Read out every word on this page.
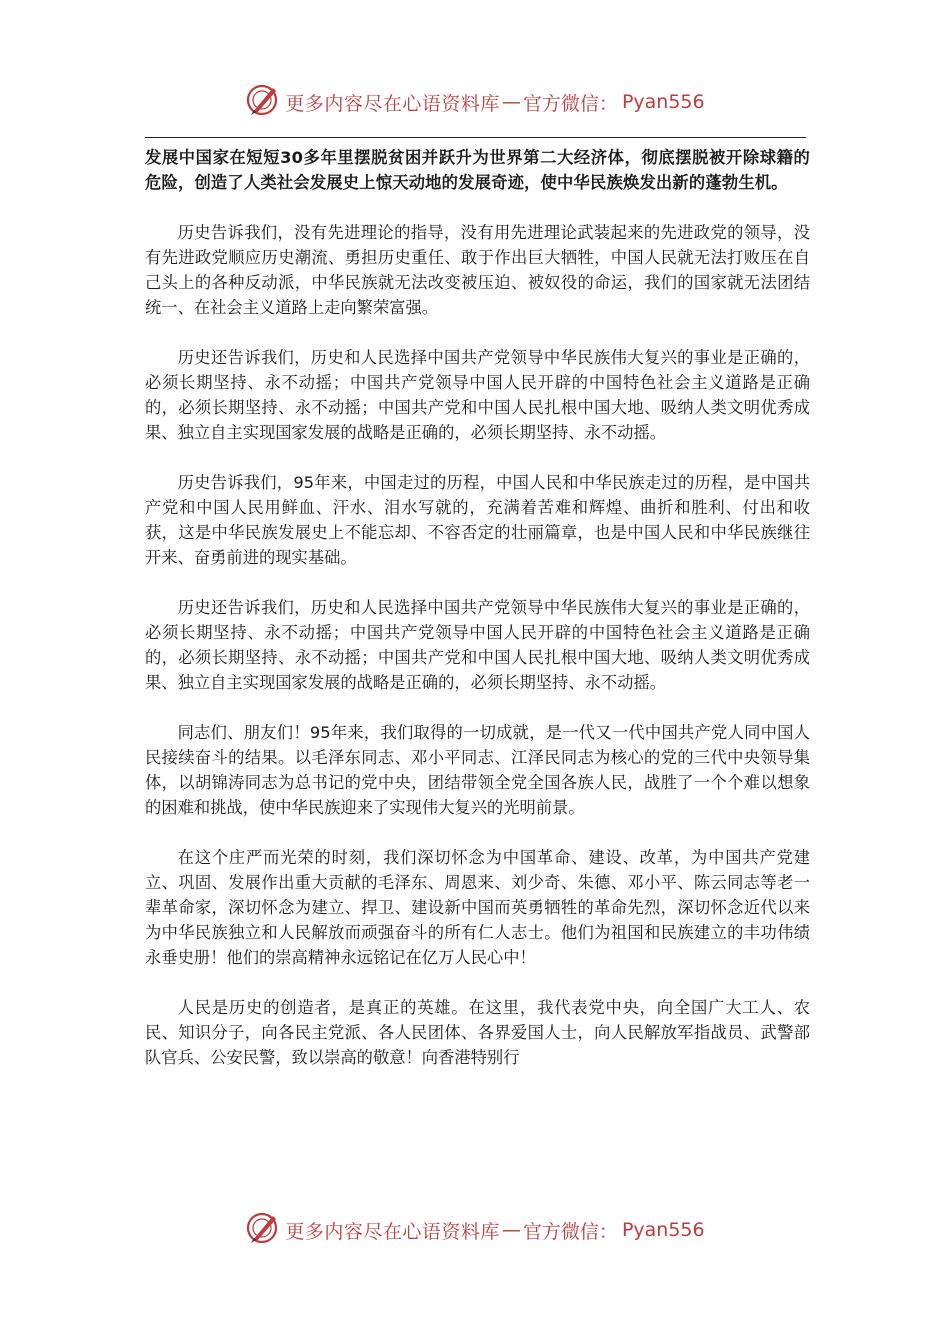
更多内容尽在心语资料库 — 官方微信： Pyan556

发展中国家在短短30多年里摆脱贫困并跃升为世界第二大经济体，彻底摆脱被开除球籍的危险，创造了人类社会发展史上惊天动地的发展奇迹，使中华民族焕发出新的蓬勃生机。

历史告诉我们，没有先进理论的指导，没有用先进理论武装起来的先进政党的领导，没有先进政党顺应历史潮流、勇担历史重任、敢于作出巨大牺牲，中国人民就无法打败压在自己头上的各种反动派，中华民族就无法改变被压迫、被奴役的命运，我们的国家就无法团结统一、在社会主义道路上走向繁荣富强。

历史还告诉我们，历史和人民选择中国共产党领导中华民族伟大复兴的事业是正确的，必须长期坚持、永不动摇；中国共产党领导中国人民开辟的中国特色社会主义道路是正确的，必须长期坚持、永不动摇；中国共产党和中国人民扎根中国大地、吸纳人类文明优秀成果、独立自主实现国家发展的战略是正确的，必须长期坚持、永不动摇。

历史告诉我们，95年来，中国走过的历程，中国人民和中华民族走过的历程，是中国共产党和中国人民用鲜血、汗水、泪水写就的，充满着苦难和辉煌、曲折和胜利、付出和收获，这是中华民族发展史上不能忘却、不容否定的壮丽篇章，也是中国人民和中华民族继往开来、奋勇前进的现实基础。

历史还告诉我们，历史和人民选择中国共产党领导中华民族伟大复兴的事业是正确的，必须长期坚持、永不动摇；中国共产党领导中国人民开辟的中国特色社会主义道路是正确的，必须长期坚持、永不动摇；中国共产党和中国人民扎根中国大地、吸纳人类文明优秀成果、独立自主实现国家发展的战略是正确的，必须长期坚持、永不动摇。

同志们、朋友们！95年来，我们取得的一切成就，是一代又一代中国共产党人同中国人民接续奋斗的结果。以毛泽东同志、邓小平同志、江泽民同志为核心的党的三代中央领导集体，以胡锦涛同志为总书记的党中央，团结带领全党全国各族人民，战胜了一个个难以想象的困难和挑战，使中华民族迎来了实现伟大复兴的光明前景。

在这个庄严而光荣的时刻，我们深切怀念为中国革命、建设、改革，为中国共产党建立、巩固、发展作出重大贡献的毛泽东、周恩来、刘少奇、朱德、邓小平、陈云同志等老一辈革命家，深切怀念为建立、捍卫、建设新中国而英勇牺牲的革命先烈，深切怀念近代以来为中华民族独立和人民解放而顽强奋斗的所有仁人志士。他们为祖国和民族建立的丰功伟绩永垂史册！他们的崇高精神永远铭记在亿万人民心中！

人民是历史的创造者，是真正的英雄。在这里，我代表党中央，向全国广大工人、农民、知识分子，向各民主党派、各人民团体、各界爱国人士，向人民解放军指战员、武警部队官兵、公安民警，致以崇高的敬意！向香港特别行

更多内容尽在心语资料库 — 官方微信： Pyan556
